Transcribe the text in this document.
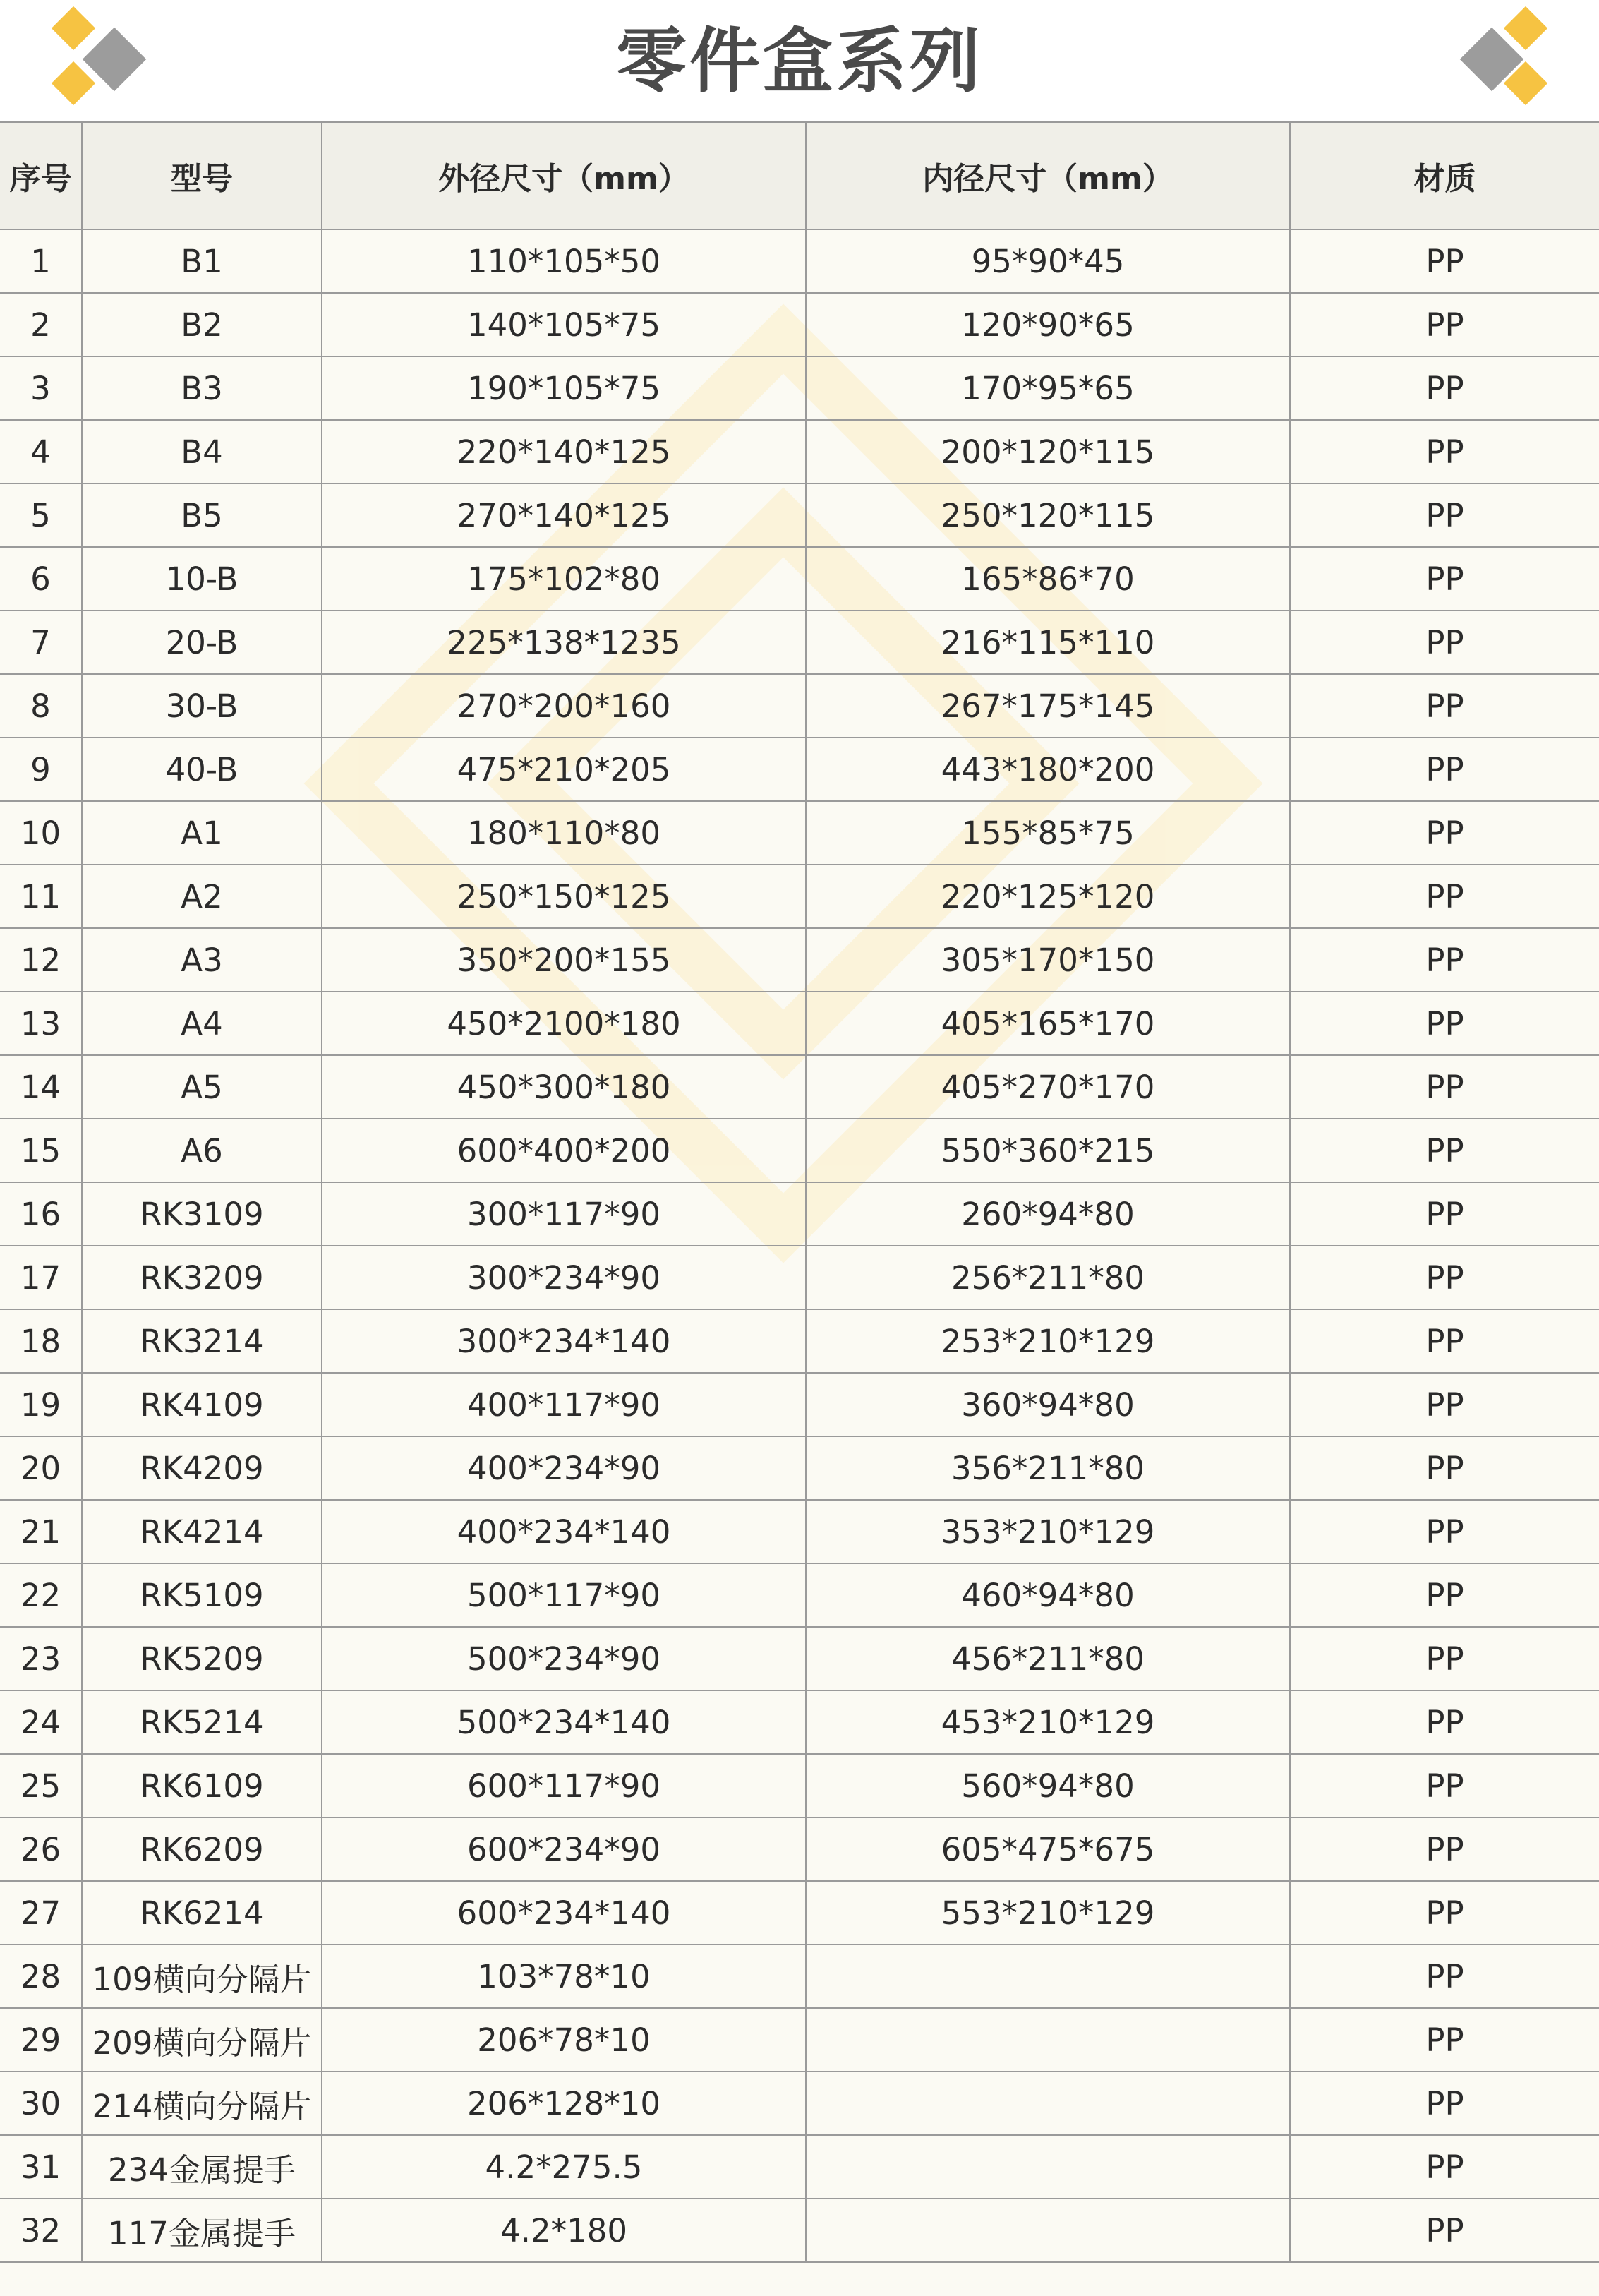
零件盒系列
序号	型号	外径尺寸（mm）	内径尺寸（mm）	材质
1	B1	110*105*50	95*90*45	PP
2	B2	140*105*75	120*90*65	PP
3	B3	190*105*75	170*95*65	PP
4	B4	220*140*125	200*120*115	PP
5	B5	270*140*125	250*120*115	PP
6	10-B	175*102*80	165*86*70	PP
7	20-B	225*138*1235	216*115*110	PP
8	30-B	270*200*160	267*175*145	PP
9	40-B	475*210*205	443*180*200	PP
10	A1	180*110*80	155*85*75	PP
11	A2	250*150*125	220*125*120	PP
12	A3	350*200*155	305*170*150	PP
13	A4	450*2100*180	405*165*170	PP
14	A5	450*300*180	405*270*170	PP
15	A6	600*400*200	550*360*215	PP
16	RK3109	300*117*90	260*94*80	PP
17	RK3209	300*234*90	256*211*80	PP
18	RK3214	300*234*140	253*210*129	PP
19	RK4109	400*117*90	360*94*80	PP
20	RK4209	400*234*90	356*211*80	PP
21	RK4214	400*234*140	353*210*129	PP
22	RK5109	500*117*90	460*94*80	PP
23	RK5209	500*234*90	456*211*80	PP
24	RK5214	500*234*140	453*210*129	PP
25	RK6109	600*117*90	560*94*80	PP
26	RK6209	600*234*90	605*475*675	PP
27	RK6214	600*234*140	553*210*129	PP
28	109横向分隔片	103*78*10		PP
29	209横向分隔片	206*78*10		PP
30	214横向分隔片	206*128*10		PP
31	234金属提手	4.2*275.5		PP
32	117金属提手	4.2*180		PP
